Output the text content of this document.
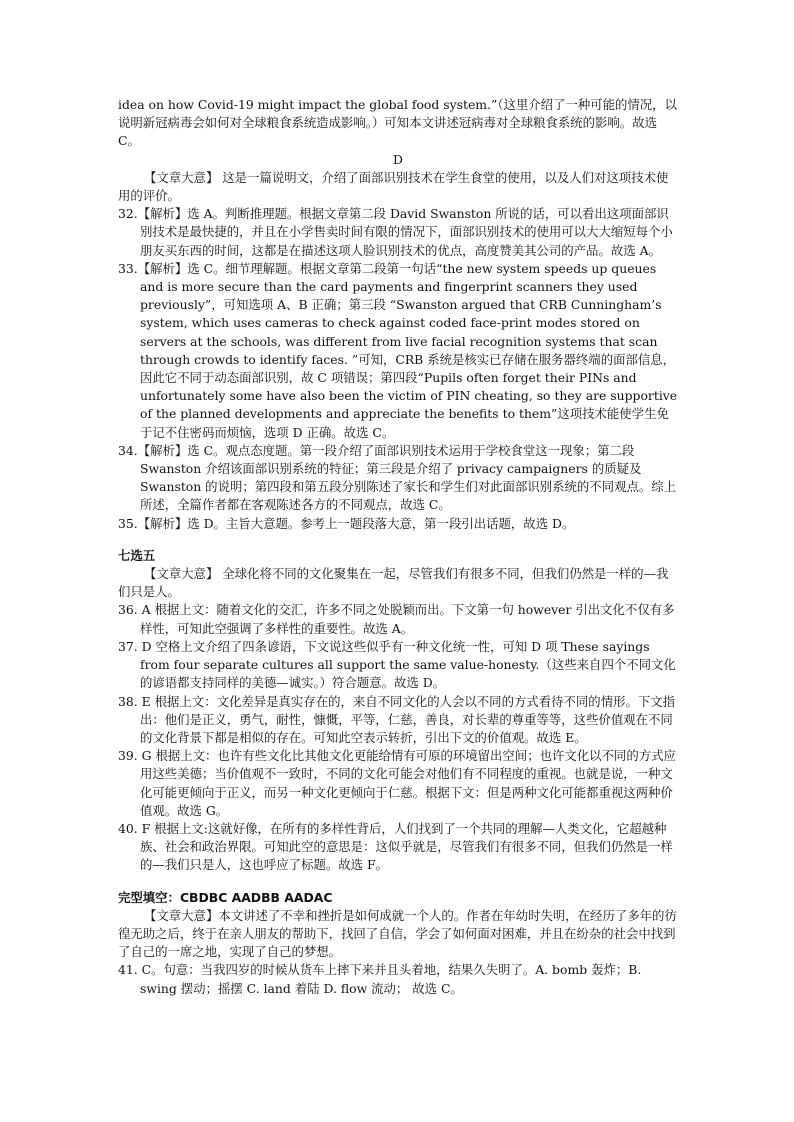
idea on how Covid-19 might impact the global food system.”（这里介绍了一种可能的情况，以说明新冠病毒会如何对全球粮食系统造成影响。）可知本文讲述冠病毒对全球粮食系统的影响。故选 C。

D

【文章大意】 这是一篇说明文，介绍了面部识别技术在学生食堂的使用，以及人们对这项技术使用的评价。

32.【解析】选 A。判断推理题。根据文章第二段 David Swanston 所说的话，可以看出这项面部识别技术是最快捷的，并且在小学售卖时间有限的情况下，面部识别技术的使用可以大大缩短每个小朋友买东西的时间，这都是在描述这项人脸识别技术的优点，高度赞美其公司的产品。故选 A。

33.【解析】选 C。细节理解题。根据文章第二段第一句话“the new system speeds up queues and is more secure than the card payments and fingerprint scanners they used previously”，可知选项 A、B 正确；第三段 “Swanston argued that CRB Cunningham’s system, which uses cameras to check against coded face-print modes stored on servers at the schools, was different from live facial recognition systems that scan through crowds to identify faces. ”可知，CRB 系统是核实已存储在服务器终端的面部信息，因此它不同于动态面部识别，故 C 项错误；第四段“Pupils often forget their PINs and unfortunately some have also been the victim of PIN cheating, so they are supportive of the planned developments and appreciate the benefits to them”这项技术能使学生免于记不住密码而烦恼，选项 D 正确。故选 C。

34.【解析】选 C。观点态度题。第一段介绍了面部识别技术运用于学校食堂这一现象；第二段 Swanston 介绍该面部识别系统的特征；第三段是介绍了 privacy campaigners 的质疑及 Swanston 的说明；第四段和第五段分别陈述了家长和学生们对此面部识别系统的不同观点。综上所述，全篇作者都在客观陈述各方的不同观点，故选 C。

35.【解析】选 D。主旨大意题。参考上一题段落大意，第一段引出话题，故选 D。

七选五

【文章大意】 全球化将不同的文化聚集在一起，尽管我们有很多不同，但我们仍然是一样的—我们只是人。

36. A 根据上文：随着文化的交汇，许多不同之处脱颖而出。下文第一句 however 引出文化不仅有多样性，可知此空强调了多样性的重要性。故选 A。

37. D 空格上文介绍了四条谚语，下文说这些似乎有一种文化统一性，可知 D 项 These sayings from four separate cultures all support the same value-honesty.（这些来自四个不同文化的谚语都支持同样的美德—诚实。）符合题意。故选 D。

38. E 根据上文：文化差异是真实存在的，来自不同文化的人会以不同的方式看待不同的情形。下文指出：他们是正义，勇气，耐性，慷慨，平等，仁慈，善良，对长辈的尊重等等，这些价值观在不同的文化背景下都是相似的存在。可知此空表示转折，引出下文的价值观。故选 E。

39. G 根据上文：也许有些文化比其他文化更能给情有可原的环境留出空间；也许文化以不同的方式应用这些美德；当价值观不一致时，不同的文化可能会对他们有不同程度的重视。也就是说，一种文化可能更倾向于正义，而另一种文化更倾向于仁慈。根据下文：但是两种文化可能都重视这两种价值观。故选 G。

40. F 根据上文:这就好像，在所有的多样性背后，人们找到了一个共同的理解—人类文化，它超越种族、社会和政治界限。可知此空的意思是：这似乎就是，尽管我们有很多不同，但我们仍然是一样的—我们只是人，这也呼应了标题。故选 F。

完型填空：CBDBC AADBB AADAC

【文章大意】本文讲述了不幸和挫折是如何成就一个人的。作者在年幼时失明，在经历了多年的彷徨无助之后，终于在亲人朋友的帮助下，找回了自信，学会了如何面对困难，并且在纷杂的社会中找到了自己的一席之地，实现了自己的梦想。

41. C。句意：当我四岁的时候从货车上摔下来并且头着地，结果久失明了。A. bomb 轰炸；B. swing 摆动；摇摆 C. land 着陆 D. flow 流动； 故选 C。
